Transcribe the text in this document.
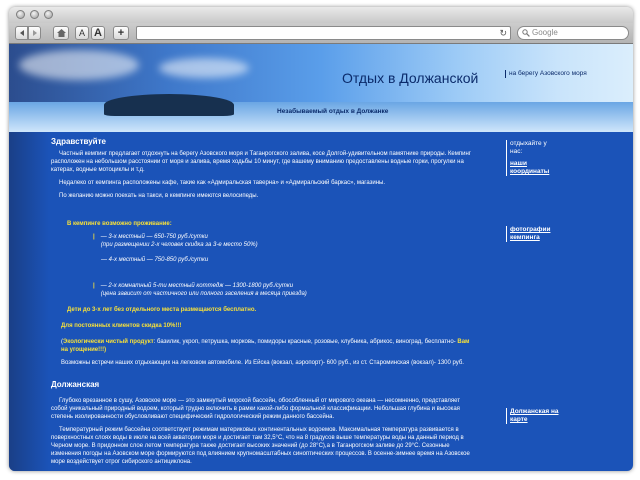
A A +	↻	Google
Отдых в Должанской	на берегу Азовского моря
Незабываемый отдых в Должанке
Здравствуйте
Частный кемпинг предлагает отдохнуть на берегу Азовского моря и Таганрогского залива, косе Долгой-удивительном памятнике природы. Кемпинг расположен на небольшом расстоянии от моря и залива, время ходьбы 10 минут, где вашему вниманию предоставлены водные горки, прогулки на катерах, водные мотоциклы и т.д.
Недалеко от кемпинга расположены кафе, такие как «Адмиральская таверна» и «Адмиральский баркас», магазины.
По желанию можно поехать на такси, в кемпинге имеются велосипеды.
В кемпинге возможно проживание:
| — 3-х местный — 650-750 руб./сутки
(при размещении 2-х человек скидка за 3-е место 50%)
— 4-х местный — 750-850 руб./сутки
| — 2-х комнатный 5-ти местный коттедж — 1300-1800 руб./сутки
(цена зависит от частичного или полного заселения в месяца приезда)
Дети до 3-х лет без отдельного места размещаются бесплатно.
Для постоянных клиентов скидка 10%!!!
(Экологически чистый продукт: базилик, укроп, петрушка, морковь, помидоры красные, розовые, клубника, абрикос, виноград, бесплатно- Вам на угощение!!!)
Возможны встречи наших отдыхающих на легковом автомобиле. Из Ейска (вокзал, аэропорт)- 600 руб., из ст. Староминская (вокзал)- 1300 руб.
Должанская
Глубоко врезанное в сушу, Азовское море — это замкнутый морской бассейн, обособленный от мирового океана — несомненно, представляет собой уникальный природный водоем, который трудно включить в рамки какой-либо формальной классификации. Небольшая глубина и высокая степень изолированности обусловливают специфический гидрологический режим данного бассейна.
Температурный режим бассейна соответствует режимам материковых континентальных водоемов. Максимальная температура развивается в поверхностных слоях воды в июле на всей акватории моря и достигает там 32,5°С, что на 8 градусов выше температуры воды на данный период в Черном море. В придонном слое летом температура также достигает высоких значений (до 28°С),а в Таганрогском заливе до 29°С. Сезонные изменения погоды на Азовском море формируются под влиянием крупномасштабных синоптических процессов. В осенне-зимнее время на Азовское море воздействует отрог сибирского антициклона.
отдыхайте у нас:
наши координаты
фотографии кемпинга
Должанская на карте
